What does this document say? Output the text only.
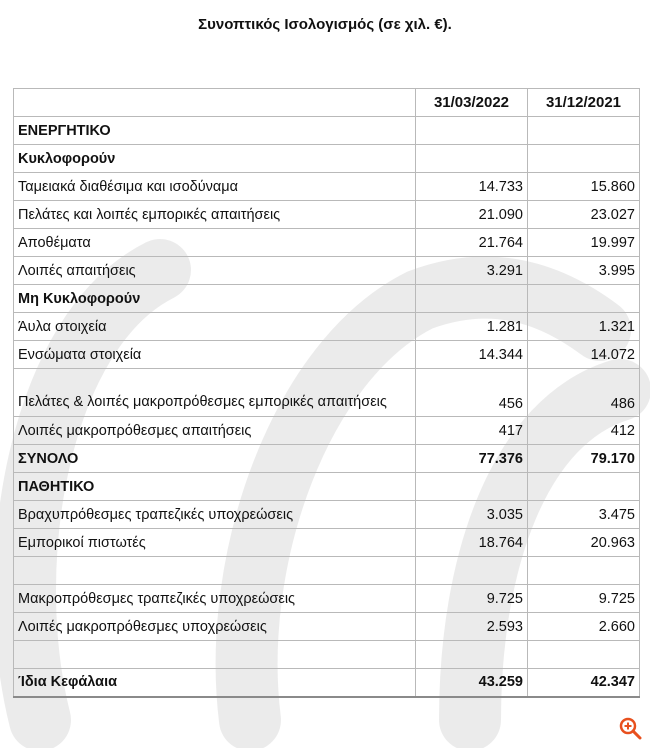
Συνοπτικός Ισολογισμός (σε χιλ. €).
	31/03/2022	31/12/2021
ΕΝΕΡΓΗΤΙΚΟ		
Κυκλοφορούν		
Ταμειακά διαθέσιμα και ισοδύναμα	14.733	15.860
Πελάτες και λοιπές εμπορικές απαιτήσεις	21.090	23.027
Αποθέματα	21.764	19.997
Λοιπές απαιτήσεις	3.291	3.995
Μη Κυκλοφορούν		
Άυλα στοιχεία	1.281	1.321
Ενσώματα στοιχεία	14.344	14.072
Πελάτες & λοιπές μακροπρόθεσμες εμπορικές απαιτήσεις	456	486
Λοιπές μακροπρόθεσμες απαιτήσεις	417	412
ΣΥΝΟΛΟ	77.376	79.170
ΠΑΘΗΤΙΚΟ		
Βραχυπρόθεσμες τραπεζικές υποχρεώσεις	3.035	3.475
Εμπορικοί πιστωτές	18.764	20.963

Μακροπρόθεσμες τραπεζικές υποχρεώσεις	9.725	9.725
Λοιπές μακροπρόθεσμες υποχρεώσεις	2.593	2.660

Ίδια Κεφάλαια	43.259	42.347
